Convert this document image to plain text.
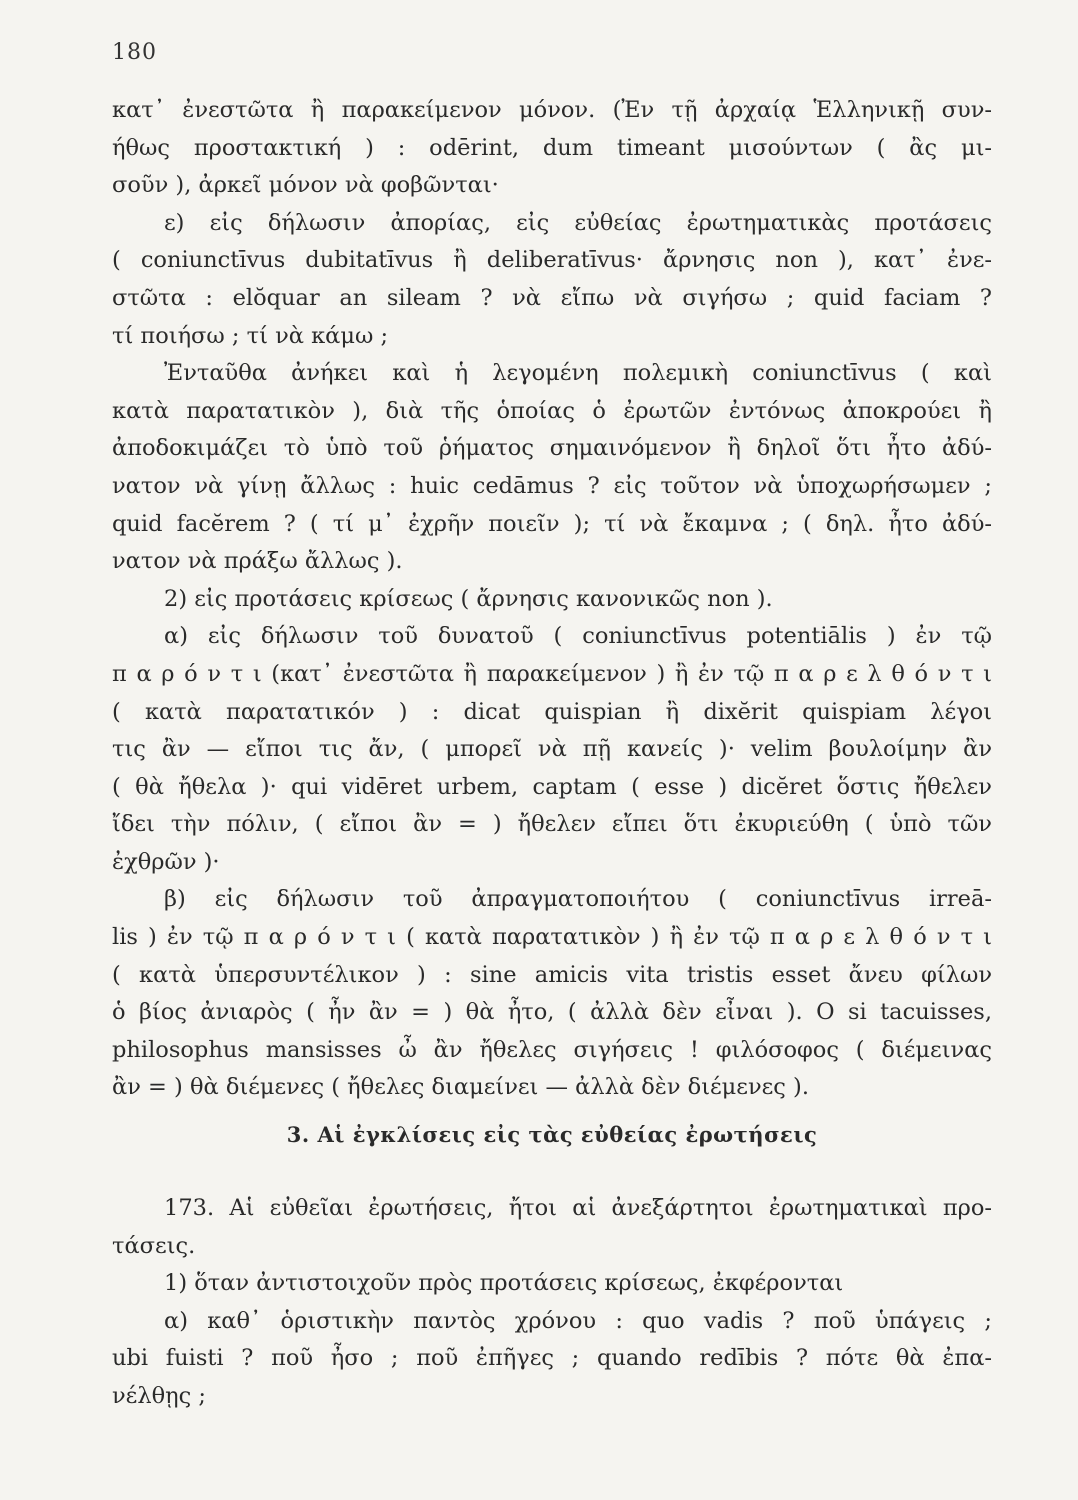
180
κατ᾽ ἐνεστῶτα ἢ παρακείμενον μόνον. (Ἐν τῇ ἀρχαίᾳ Ἑλληνικῇ συν-
ήθως προστακτική ) : odērint, dum timeant μισούντων ( ἂς μι-
σοῦν ), ἀρκεῖ μόνον νὰ φοβῶνται·
ε) εἰς δήλωσιν ἀπορίας, εἰς εὐθείας ἐρωτηματικὰς προτάσεις
( coniunctīvus dubitatīvus ἢ deliberatīvus· ἄρνησις non ), κατ᾽ ἐνε-
στῶτα : elŏquar an sileam ? νὰ εἴπω νὰ σιγήσω ; quid faciam ?
τί ποιήσω ; τί νὰ κάμω ;
Ἐνταῦθα ἀνήκει καὶ ἡ λεγομένη πολεμικὴ coniunctīvus ( καὶ
κατὰ παρατατικὸν ), διὰ τῆς ὁποίας ὁ ἐρωτῶν ἐντόνως ἀποκρούει ἢ
ἀποδοκιμάζει τὸ ὑπὸ τοῦ ῥήματος σημαινόμενον ἢ δηλοῖ ὅτι ἦτο ἀδύ-
νατον νὰ γίνῃ ἄλλως : huic cedāmus ? εἰς τοῦτον νὰ ὑποχωρήσωμεν ;
quid facĕrem ? ( τί μ᾽ ἐχρῆν ποιεῖν ); τί νὰ ἔκαμνα ; ( δηλ. ἦτο ἀδύ-
νατον νὰ πράξω ἄλλως ).
2) εἰς προτάσεις κρίσεως ( ἄρνησις κανονικῶς non ).
α) εἰς δήλωσιν τοῦ δυνατοῦ ( coniunctīvus potentiālis ) ἐν τῷ
π α ρ ό ν τ ι (κατ᾽ ἐνεστῶτα ἢ παρακείμενον ) ἢ ἐν τῷ π α ρ ε λ θ ό ν τ ι
( κατὰ παρατατικόν ) : dicat quispian ἢ dixĕrit quispiam λέγοι
τις ἂν — εἴποι τις ἄν, ( μπορεῖ νὰ πῇ κανείς )· velim βουλοίμην ἂν
( θὰ ἤθελα )· qui vidēret urbem, captam ( esse ) dicĕret ὅστις ἤθελεν
ἴδει τὴν πόλιν, ( εἴποι ἂν = ) ἤθελεν εἴπει ὅτι ἐκυριεύθη ( ὑπὸ τῶν
ἐχθρῶν )·
β) εἰς δήλωσιν τοῦ ἀπραγματοποιήτου ( coniunctīvus irreā-
lis ) ἐν τῷ π α ρ ό ν τ ι ( κατὰ παρατατικὸν ) ἢ ἐν τῷ π α ρ ε λ θ ό ν τ ι
( κατὰ ὑπερσυντέλικον ) : sine amicis vita tristis esset ἄνευ φίλων
ὁ βίος ἀνιαρὸς ( ἦν ἂν = ) θὰ ἦτο, ( ἀλλὰ δὲν εἶναι ). O si tacuisses,
philosophus mansisses ὦ ἂν ἤθελες σιγήσεις ! φιλόσοφος ( διέμεινας
ἂν = ) θὰ διέμενες ( ἤθελες διαμείνει — ἀλλὰ δὲν διέμενες ).
3. Αἱ ἐγκλίσεις εἰς τὰς εὐθείας ἐρωτήσεις
173. Αἱ εὐθεῖαι ἐρωτήσεις, ἤτοι αἱ ἀνεξάρτητοι ἐρωτηματικαὶ προ-
τάσεις.
1) ὅταν ἀντιστοιχοῦν πρὸς προτάσεις κρίσεως, ἐκφέρονται
α) καθ᾽ ὁριστικὴν παντὸς χρόνου : quo vadis ? ποῦ ὑπάγεις ;
ubi fuisti ? ποῦ ἦσο ; ποῦ ἐπῆγες ; quando redībis ? πότε θὰ ἐπα-
νέλθῃς ;
